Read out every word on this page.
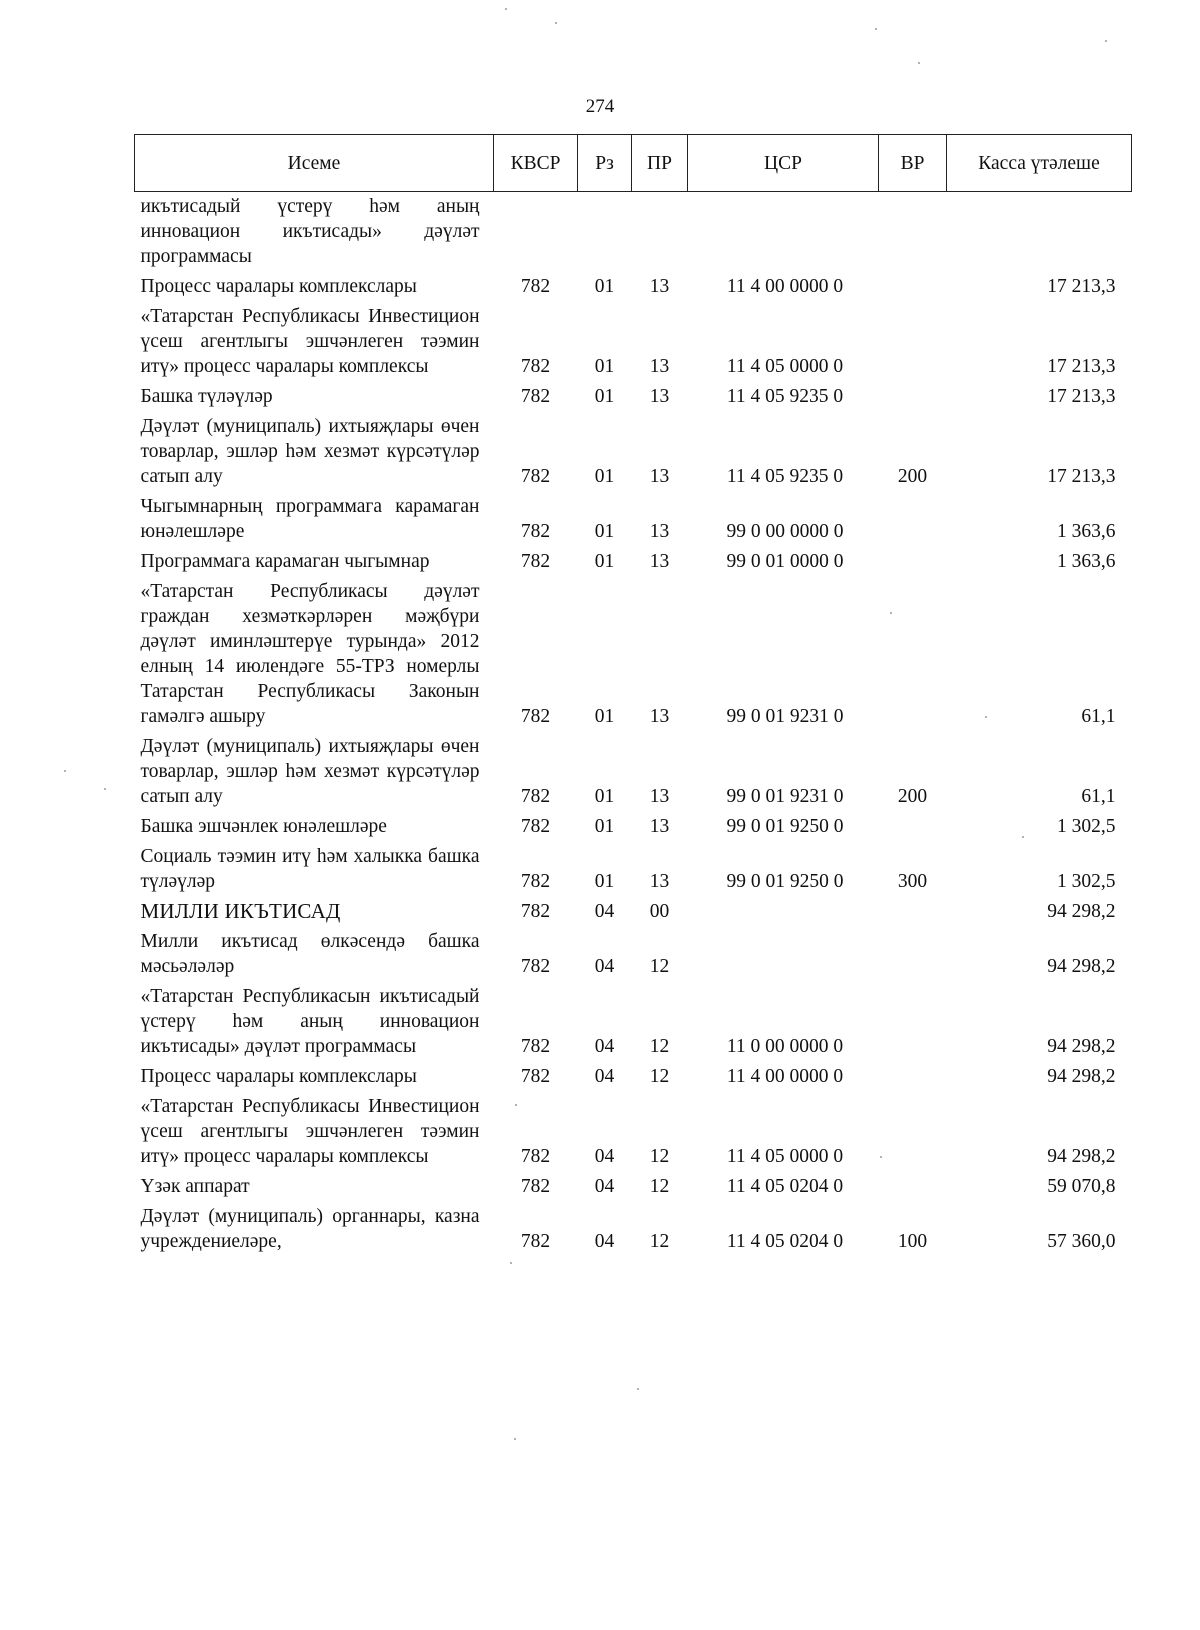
274
Исеме	КВСР	Рз	ПР	ЦСР	ВР	Касса үтәлеше
икътисадый үстерү һәм аның инновацион икътисады» дәүләт программасы						
Процесс чаралары комплекслары	782	01	13	11 4 00 0000 0		17 213,3
«Татарстан Республикасы Инвестицион үсеш агентлыгы эшчәнлеген тәэмин итү» процесс чаралары комплексы	782	01	13	11 4 05 0000 0		17 213,3
Башка түләүләр	782	01	13	11 4 05 9235 0		17 213,3
Дәүләт (муниципаль) ихтыяҗлары өчен товарлар, эшләр һәм хезмәт күрсәтүләр сатып алу	782	01	13	11 4 05 9235 0	200	17 213,3
Чыгымнарның программага карамаган юнәлешләре	782	01	13	99 0 00 0000 0		1 363,6
Программага карамаган чыгымнар	782	01	13	99 0 01 0000 0		1 363,6
«Татарстан Республикасы дәүләт граждан хезмәткәрләрен мәҗбүри дәүләт иминләштерүе турында» 2012 елның 14 июлендәге 55-ТРЗ номерлы Татарстан Республикасы Законын гамәлгә ашыру	782	01	13	99 0 01 9231 0		61,1
Дәүләт (муниципаль) ихтыяҗлары өчен товарлар, эшләр һәм хезмәт күрсәтүләр сатып алу	782	01	13	99 0 01 9231 0	200	61,1
Башка эшчәнлек юнәлешләре	782	01	13	99 0 01 9250 0		1 302,5
Социаль тәэмин итү һәм халыкка башка түләүләр	782	01	13	99 0 01 9250 0	300	1 302,5
МИЛЛИ ИКЪТИСАД	782	04	00			94 298,2
Милли икътисад өлкәсендә башка мәсьәләләр	782	04	12			94 298,2
«Татарстан Республикасын икътисадый үстерү һәм аның инновацион икътисады» дәүләт программасы	782	04	12	11 0 00 0000 0		94 298,2
Процесс чаралары комплекслары	782	04	12	11 4 00 0000 0		94 298,2
«Татарстан Республикасы Инвестицион үсеш агентлыгы эшчәнлеген тәэмин итү» процесс чаралары комплексы	782	04	12	11 4 05 0000 0		94 298,2
Үзәк аппарат	782	04	12	11 4 05 0204 0		59 070,8
Дәүләт (муниципаль) органнары, казна учреждениеләре,	782	04	12	11 4 05 0204 0	100	57 360,0
